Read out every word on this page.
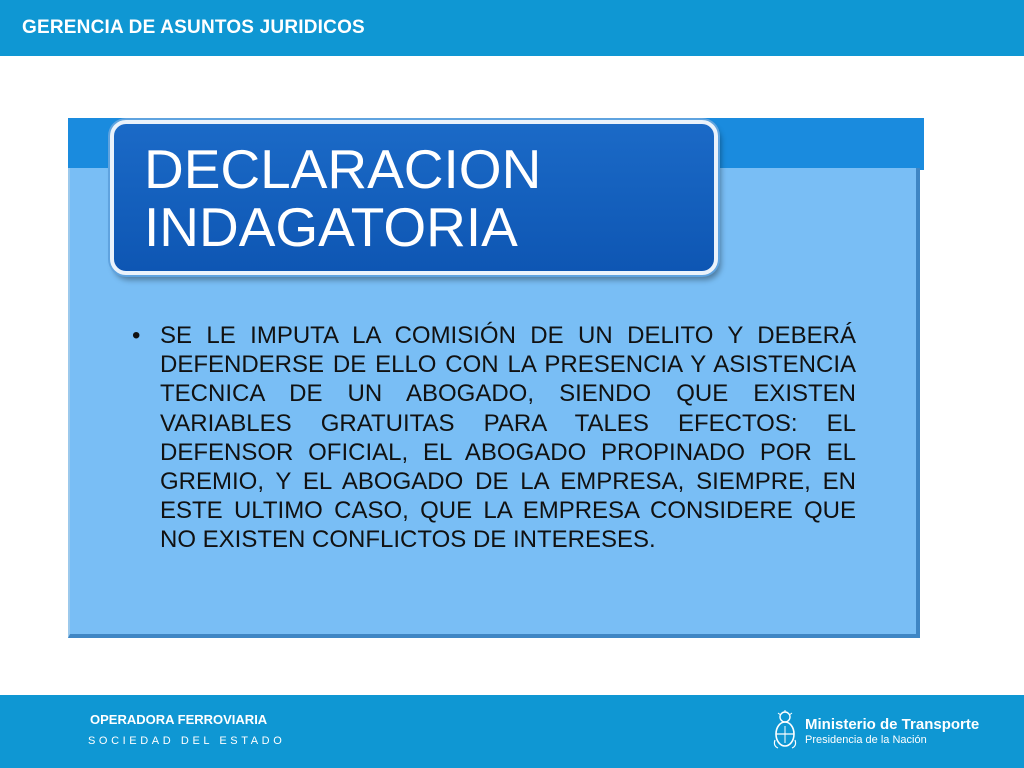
GERENCIA DE ASUNTOS JURIDICOS
DECLARACION
INDAGATORIA
• SE LE IMPUTA LA COMISIÓN DE UN DELITO Y DEBERÁ DEFENDERSE DE ELLO CON LA PRESENCIA Y ASISTENCIA TECNICA DE UN ABOGADO, SIENDO QUE EXISTEN VARIABLES GRATUITAS PARA TALES EFECTOS: EL DEFENSOR OFICIAL, EL ABOGADO PROPINADO POR EL GREMIO, Y EL ABOGADO DE LA EMPRESA, SIEMPRE, EN ESTE ULTIMO CASO, QUE LA EMPRESA CONSIDERE QUE NO EXISTEN CONFLICTOS DE INTERESES.
OPERADORA FERROVIARIA
SOCIEDAD DEL ESTADO
Ministerio de Transporte
Presidencia de la Nación
